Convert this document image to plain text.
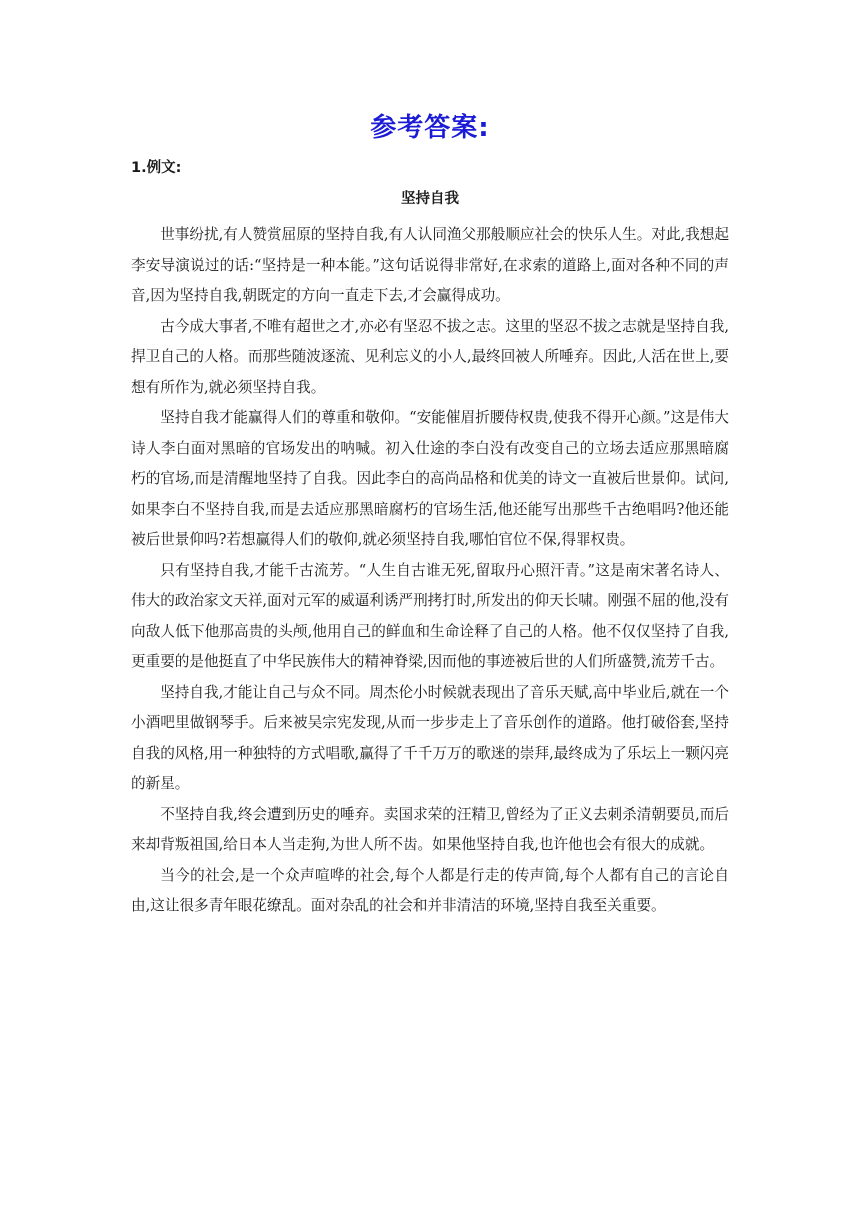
参考答案:
1.例文:
坚持自我

世事纷扰,有人赞赏屈原的坚持自我,有人认同渔父那般顺应社会的快乐人生。对此,我想起李安导演说过的话:“坚持是一种本能。”这句话说得非常好,在求索的道路上,面对各种不同的声音,因为坚持自我,朝既定的方向一直走下去,才会赢得成功。

古今成大事者,不唯有超世之才,亦必有坚忍不拔之志。这里的坚忍不拔之志就是坚持自我,捍卫自己的人格。而那些随波逐流、见利忘义的小人,最终回被人所唾弃。因此,人活在世上,要想有所作为,就必须坚持自我。

坚持自我才能赢得人们的尊重和敬仰。“安能催眉折腰侍权贵,使我不得开心颜。”这是伟大诗人李白面对黑暗的官场发出的呐喊。初入仕途的李白没有改变自己的立场去适应那黑暗腐朽的官场,而是清醒地坚持了自我。因此李白的高尚品格和优美的诗文一直被后世景仰。试问,如果李白不坚持自我,而是去适应那黑暗腐朽的官场生活,他还能写出那些千古绝唱吗?他还能被后世景仰吗?若想赢得人们的敬仰,就必须坚持自我,哪怕官位不保,得罪权贵。

只有坚持自我,才能千古流芳。“人生自古谁无死,留取丹心照汗青。”这是南宋著名诗人、伟大的政治家文天祥,面对元军的威逼利诱严刑拷打时,所发出的仰天长啸。刚强不屈的他,没有向敌人低下他那高贵的头颅,他用自己的鲜血和生命诠释了自己的人格。他不仅仅坚持了自我,更重要的是他挺直了中华民族伟大的精神脊梁,因而他的事迹被后世的人们所盛赞,流芳千古。

坚持自我,才能让自己与众不同。周杰伦小时候就表现出了音乐天赋,高中毕业后,就在一个小酒吧里做钢琴手。后来被吴宗宪发现,从而一步步走上了音乐创作的道路。他打破俗套,坚持自我的风格,用一种独特的方式唱歌,赢得了千千万万的歌迷的崇拜,最终成为了乐坛上一颗闪亮的新星。

不坚持自我,终会遭到历史的唾弃。卖国求荣的汪精卫,曾经为了正义去刺杀清朝要员,而后来却背叛祖国,给日本人当走狗,为世人所不齿。如果他坚持自我,也许他也会有很大的成就。

当今的社会,是一个众声喧哗的社会,每个人都是行走的传声筒,每个人都有自己的言论自由,这让很多青年眼花缭乱。面对杂乱的社会和并非清洁的环境,坚持自我至关重要。
